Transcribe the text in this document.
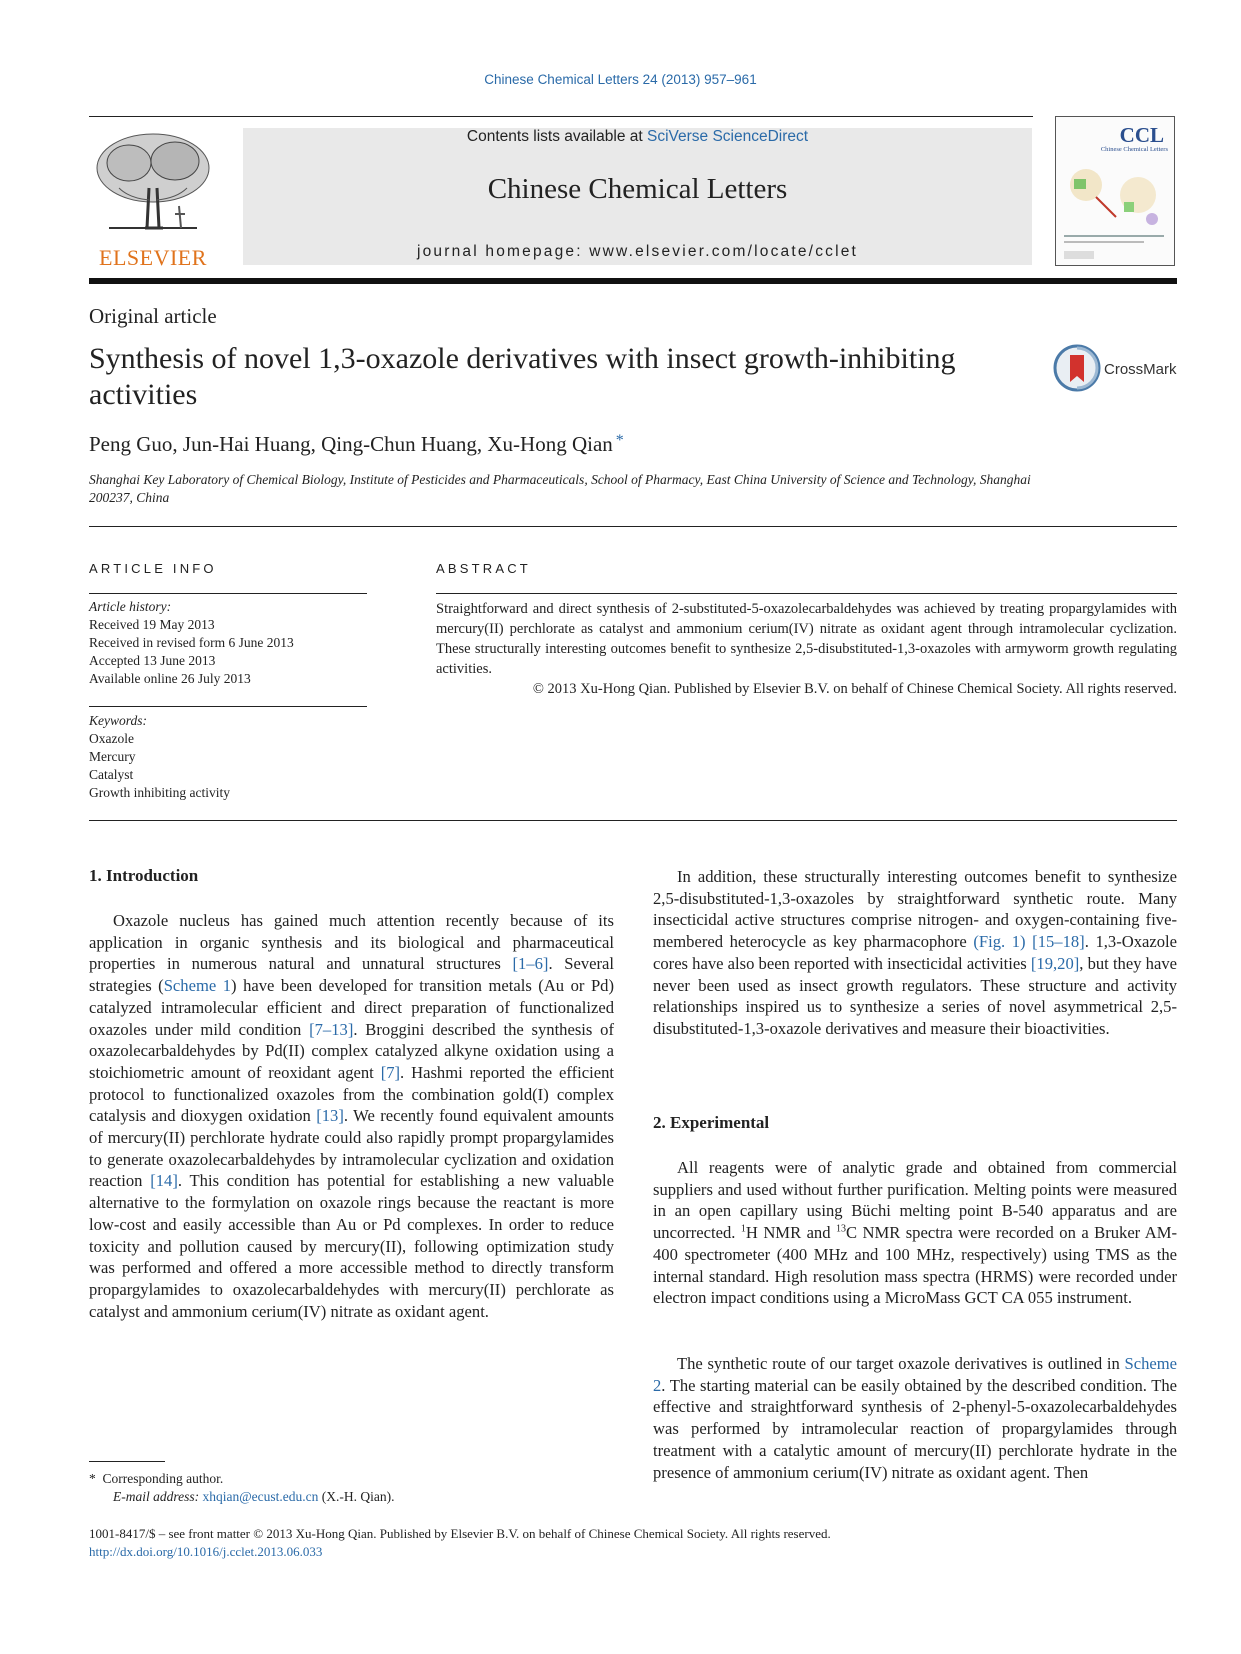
Chinese Chemical Letters 24 (2013) 957–961
ELSEVIER
Contents lists available at SciVerse ScienceDirect
Chinese Chemical Letters
journal homepage: www.elsevier.com/locate/cclet
CCL
Chinese Chemical Letters
Original article
Synthesis of novel 1,3-oxazole derivatives with insect growth-inhibiting activities
CrossMark
Peng Guo, Jun-Hai Huang, Qing-Chun Huang, Xu-Hong Qian *
Shanghai Key Laboratory of Chemical Biology, Institute of Pesticides and Pharmaceuticals, School of Pharmacy, East China University of Science and Technology, Shanghai 200237, China
ARTICLE INFO	ABSTRACT
Article history:
Received 19 May 2013
Received in revised form 6 June 2013
Accepted 13 June 2013
Available online 26 July 2013
Keywords:
Oxazole
Mercury
Catalyst
Growth inhibiting activity
Straightforward and direct synthesis of 2-substituted-5-oxazolecarbaldehydes was achieved by treating propargylamides with mercury(II) perchlorate as catalyst and ammonium cerium(IV) nitrate as oxidant agent through intramolecular cyclization. These structurally interesting outcomes benefit to synthesize 2,5-disubstituted-1,3-oxazoles with armyworm growth regulating activities.
© 2013 Xu-Hong Qian. Published by Elsevier B.V. on behalf of Chinese Chemical Society. All rights reserved.
1. Introduction

Oxazole nucleus has gained much attention recently because of its application in organic synthesis and its biological and pharmaceutical properties in numerous natural and unnatural structures [1–6]. Several strategies (Scheme 1) have been developed for transition metals (Au or Pd) catalyzed intramolecular efficient and direct preparation of functionalized oxazoles under mild condition [7–13]. Broggini described the synthesis of oxazolecarbaldehydes by Pd(II) complex catalyzed alkyne oxidation using a stoichiometric amount of reoxidant agent [7]. Hashmi reported the efficient protocol to functionalized oxazoles from the combination gold(I) complex catalysis and dioxygen oxidation [13]. We recently found equivalent amounts of mercury(II) perchlorate hydrate could also rapidly prompt propargylamides to generate oxazolecarbaldehydes by intramolecular cyclization and oxidation reaction [14]. This condition has potential for establishing a new valuable alternative to the formylation on oxazole rings because the reactant is more low-cost and easily accessible than Au or Pd complexes. In order to reduce toxicity and pollution caused by mercury(II), following optimization study was performed and offered a more accessible method to directly transform propargylamides to oxazolecarbaldehydes with mercury(II) perchlorate as catalyst and ammonium cerium(IV) nitrate as oxidant agent.

In addition, these structurally interesting outcomes benefit to synthesize 2,5-disubstituted-1,3-oxazoles by straightforward synthetic route. Many insecticidal active structures comprise nitrogen- and oxygen-containing five-membered heterocycle as key pharmacophore (Fig. 1) [15–18]. 1,3-Oxazole cores have also been reported with insecticidal activities [19,20], but they have never been used as insect growth regulators. These structure and activity relationships inspired us to synthesize a series of novel asymmetrical 2,5-disubstituted-1,3-oxazole derivatives and measure their bioactivities.

2. Experimental

All reagents were of analytic grade and obtained from commercial suppliers and used without further purification. Melting points were measured in an open capillary using Büchi melting point B-540 apparatus and are uncorrected. $^1$H NMR and $^{13}$C NMR spectra were recorded on a Bruker AM-400 spectrometer (400 MHz and 100 MHz, respectively) using TMS as the internal standard. High resolution mass spectra (HRMS) were recorded under electron impact conditions using a MicroMass GCT CA 055 instrument.

The synthetic route of our target oxazole derivatives is outlined in Scheme 2. The starting material can be easily obtained by the described condition. The effective and straightforward synthesis of 2-phenyl-5-oxazolecarbaldehydes was performed by intramolecular reaction of propargylamides through treatment with a catalytic amount of mercury(II) perchlorate hydrate in the presence of ammonium cerium(IV) nitrate as oxidant agent. Then

* Corresponding author.
E-mail address: xhqian@ecust.edu.cn (X.-H. Qian).
1001-8417/$ – see front matter © 2013 Xu-Hong Qian. Published by Elsevier B.V. on behalf of Chinese Chemical Society. All rights reserved.
http://dx.doi.org/10.1016/j.cclet.2013.06.033
